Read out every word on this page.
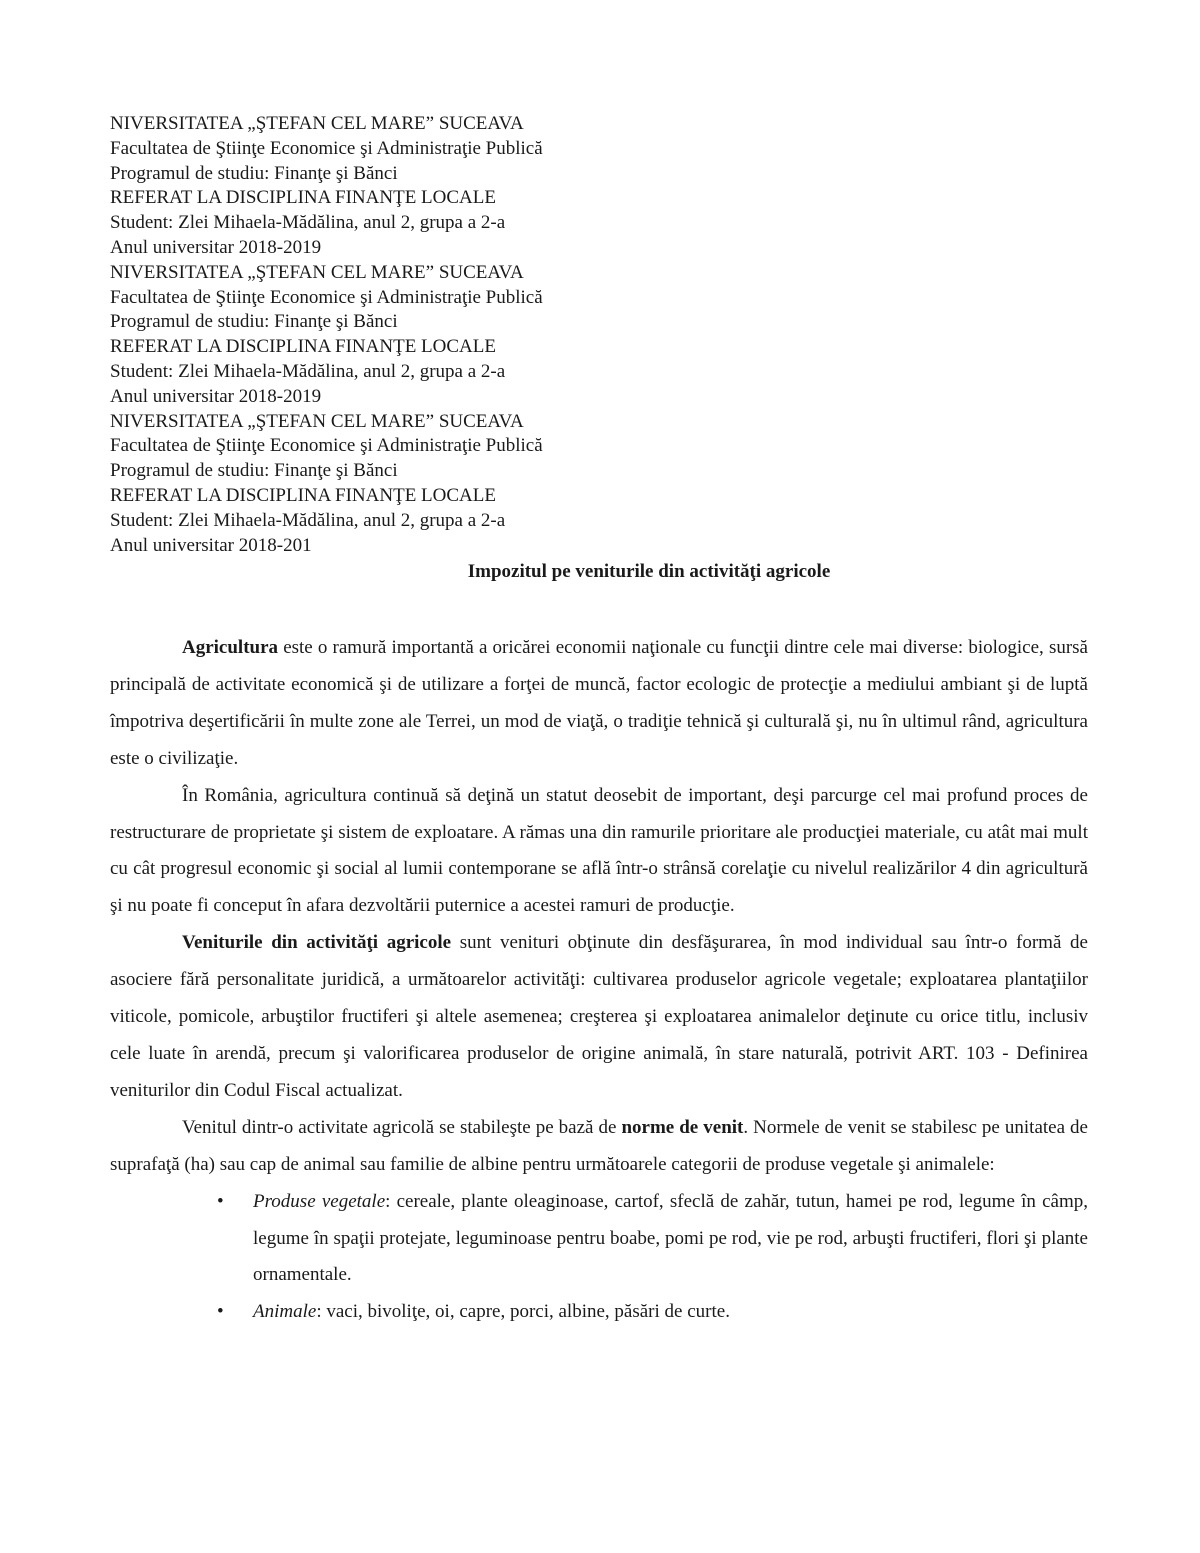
NIVERSITATEA „ŞTEFAN CEL MARE” SUCEAVA
Facultatea de Ştiinţe Economice şi Administraţie Publică
Programul de studiu: Finanţe şi Bănci
REFERAT LA DISCIPLINA FINANŢE LOCALE
Student: Zlei Mihaela-Mădălina, anul 2, grupa a 2-a
Anul universitar 2018-2019
NIVERSITATEA „ŞTEFAN CEL MARE” SUCEAVA
Facultatea de Ştiinţe Economice şi Administraţie Publică
Programul de studiu: Finanţe şi Bănci
REFERAT LA DISCIPLINA FINANŢE LOCALE
Student: Zlei Mihaela-Mădălina, anul 2, grupa a 2-a
Anul universitar 2018-2019
NIVERSITATEA „ŞTEFAN CEL MARE” SUCEAVA
Facultatea de Ştiinţe Economice şi Administraţie Publică
Programul de studiu: Finanţe şi Bănci
REFERAT LA DISCIPLINA FINANŢE LOCALE
Student: Zlei Mihaela-Mădălina, anul 2, grupa a 2-a
Anul universitar 2018-201
Impozitul pe veniturile din activităţi agricole

Agricultura este o ramură importantă a oricărei economii naţionale cu funcţii dintre cele mai diverse: biologice, sursă principală de activitate economică şi de utilizare a forţei de muncă, factor ecologic de protecţie a mediului ambiant şi de luptă împotriva deşertificării în multe zone ale Terrei, un mod de viaţă, o tradiţie tehnică şi culturală şi, nu în ultimul rând, agricultura este o civilizaţie.

În România, agricultura continuă să deţină un statut deosebit de important, deşi parcurge cel mai profund proces de restructurare de proprietate şi sistem de exploatare. A rămas una din ramurile prioritare ale producţiei materiale, cu atât mai mult cu cât progresul economic şi social al lumii contemporane se află într-o strânsă corelaţie cu nivelul realizărilor 4 din agricultură şi nu poate fi conceput în afara dezvoltării puternice a acestei ramuri de producţie.

Veniturile din activităţi agricole sunt venituri obţinute din desfăşurarea, în mod individual sau într-o formă de asociere fără personalitate juridică, a următoarelor activităţi: cultivarea produselor agricole vegetale; exploatarea plantaţiilor viticole, pomicole, arbuştilor fructiferi şi altele asemenea; creşterea şi exploatarea animalelor deţinute cu orice titlu, inclusiv cele luate în arendă, precum şi valorificarea produselor de origine animală, în stare naturală, potrivit ART. 103 - Definirea veniturilor din Codul Fiscal actualizat.

Venitul dintr-o activitate agricolă se stabileşte pe bază de norme de venit. Normele de venit se stabilesc pe unitatea de suprafaţă (ha) sau cap de animal sau familie de albine pentru următoarele categorii de produse vegetale şi animalele:

• Produse vegetale: cereale, plante oleaginoase, cartof, sfeclă de zahăr, tutun, hamei pe rod, legume în câmp, legume în spaţii protejate, leguminoase pentru boabe, pomi pe rod, vie pe rod, arbuşti fructiferi, flori şi plante ornamentale.
• Animale: vaci, bivoliţe, oi, capre, porci, albine, păsări de curte.
